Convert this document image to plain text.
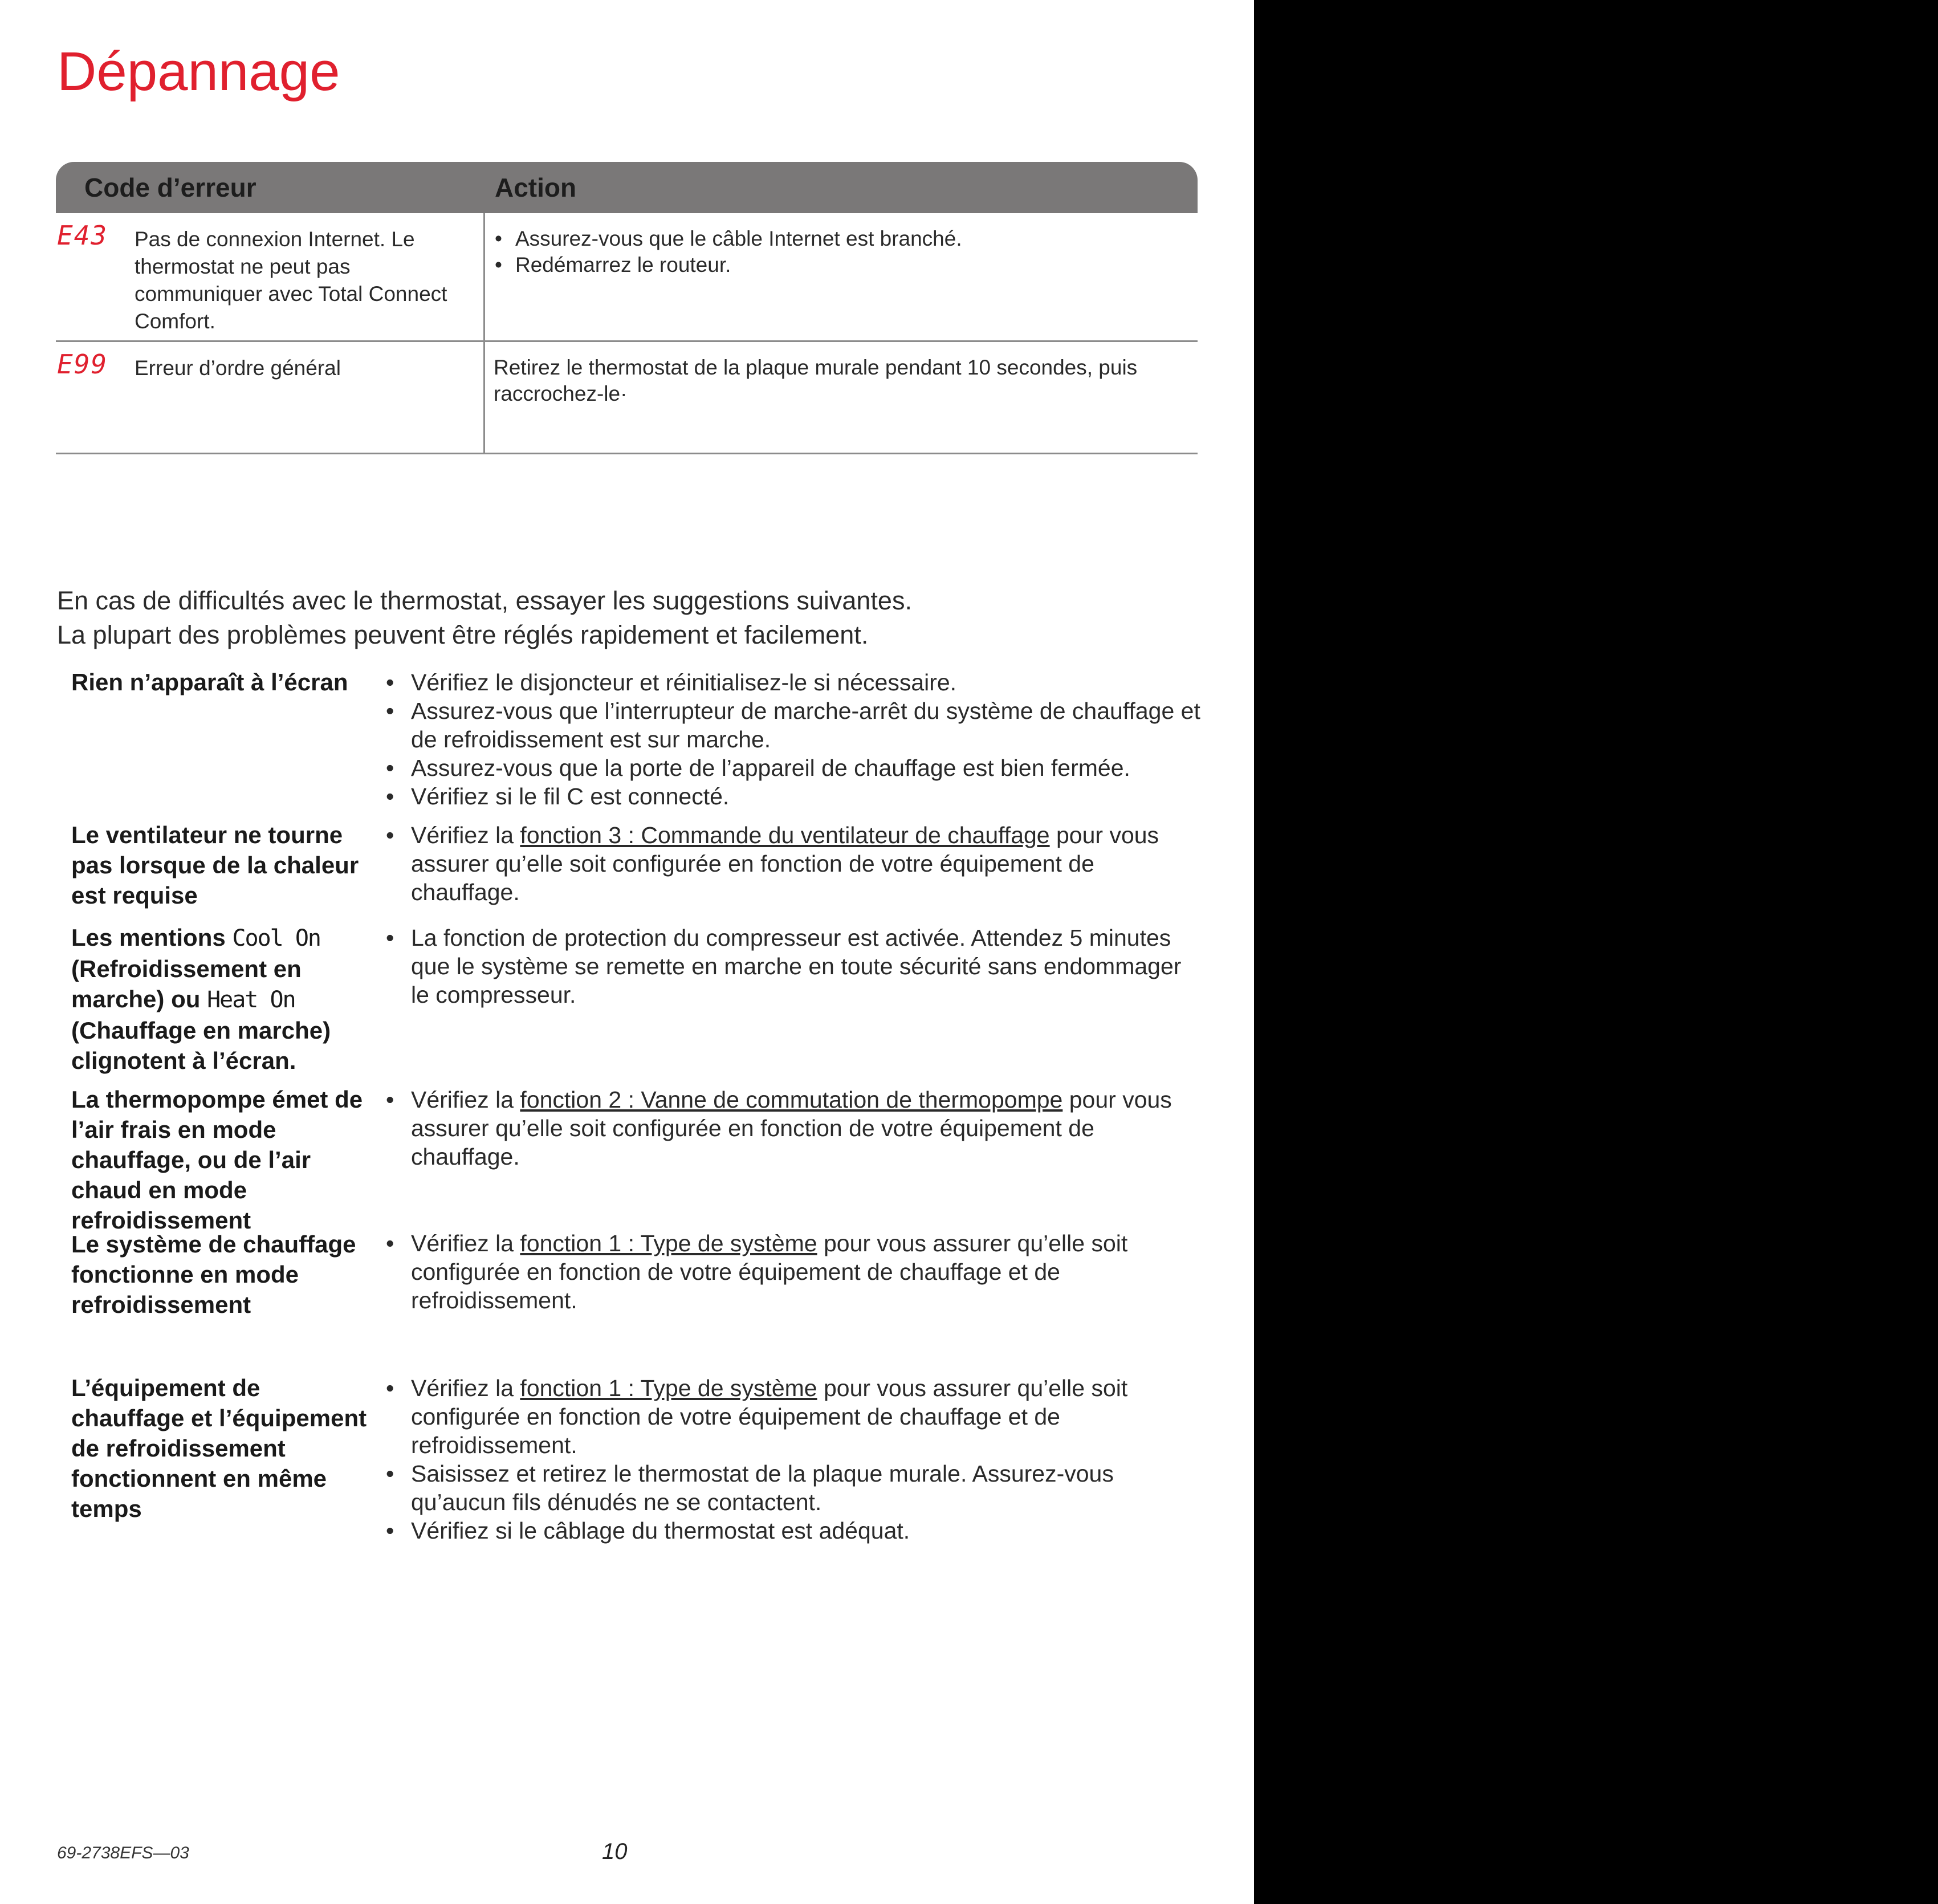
Dépannage
Code d’erreur	Action
E43 Pas de connexion Internet. Le thermostat ne peut pas communiquer avec Total Connect Comfort.
• Assurez-vous que le câble Internet est branché.
• Redémarrez le routeur.
E99 Erreur d’ordre général	Retirez le thermostat de la plaque murale pendant 10 secondes, puis raccrochez-le·
En cas de difficultés avec le thermostat, essayer les suggestions suivantes.
La plupart des problèmes peuvent être réglés rapidement et facilement.
Rien n’apparaît à l’écran
•	Vérifiez le disjoncteur et réinitialisez-le si nécessaire.
• Assurez-vous que l’interrupteur de marche-arrêt du système de chauffage et de refroidissement est sur marche.
• Assurez-vous que la porte de l’appareil de chauffage est bien fermée.
• Vérifiez si le fil C est connecté.
Le ventilateur ne tourne pas lorsque de la chaleur est requise
• Vérifiez la fonction 3 : Commande du ventilateur de chauffage pour vous assurer qu’elle soit configurée en fonction de votre équipement de chauffage.
Les mentions Cool On (Refroidissement en marche) ou Heat On (Chauffage en marche) clignotent à l’écran.
• La fonction de protection du compresseur est activée. Attendez 5 minutes que le système se remette en marche en toute sécurité sans endommager le compresseur.
La thermopompe émet de l’air frais en mode chauffage, ou de l’air chaud en mode refroidissement
• Vérifiez la fonction 2 : Vanne de commutation de thermopompe pour vous assurer qu’elle soit configurée en fonction de votre équipement de chauffage.
Le système de chauffage fonctionne en mode refroidissement
• Vérifiez la fonction 1 : Type de système pour vous assurer qu’elle soit configurée en fonction de votre équipement de chauffage et de refroidissement.
L’équipement de chauffage et l’équipement de refroidissement fonctionnent en même temps
• Vérifiez la fonction 1 : Type de système pour vous assurer qu’elle soit configurée en fonction de votre équipement de chauffage et de refroidissement.
• Saisissez et retirez le thermostat de la plaque murale. Assurez-vous qu’aucun fils dénudés ne se contactent.
• Vérifiez si le câblage du thermostat est adéquat.
69-2738EFS—03	10
